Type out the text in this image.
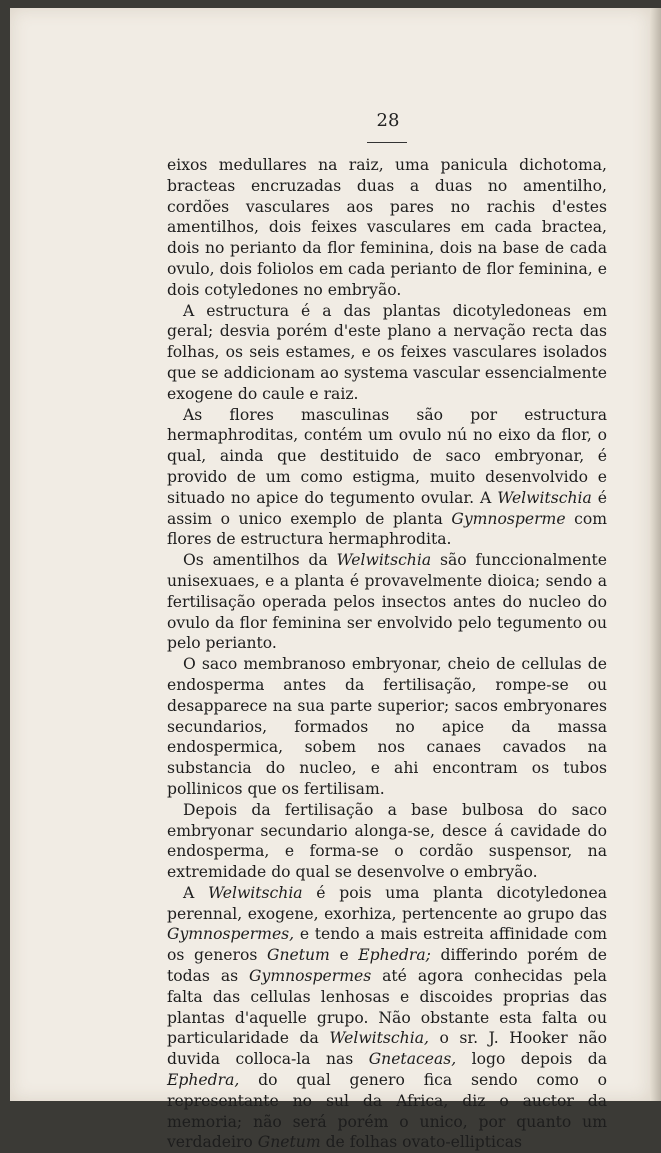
28

eixos medullares na raiz, uma panicula dichotoma, bracteas encruzadas duas a duas no amentilho, cordões vasculares aos pares no rachis d'estes amentilhos, dois feixes vasculares em cada bractea, dois no perianto da flor feminina, dois na base de cada ovulo, dois foliolos em cada perianto de flor feminina, e dois cotyledones no embryão.

A estructura é a das plantas dicotyledoneas em geral; desvia porém d'este plano a nervação recta das folhas, os seis estames, e os feixes vasculares isolados que se addicionam ao systema vascular essencialmente exogene do caule e raiz.

As flores masculinas são por estructura hermaphroditas, contém um ovulo nú no eixo da flor, o qual, ainda que destituido de saco embryonar, é provido de um como estigma, muito desenvolvido e situado no apice do tegumento ovular. A Welwitschia é assim o unico exemplo de planta Gymnosperme com flores de estructura hermaphrodita.

Os amentilhos da Welwitschia são funccionalmente unisexuaes, e a planta é provavelmente dioica; sendo a fertilisação operada pelos insectos antes do nucleo do ovulo da flor feminina ser envolvido pelo tegumento ou pelo perianto.

O saco membranoso embryonar, cheio de cellulas de endosperma antes da fertilisação, rompe-se ou desapparece na sua parte superior; sacos embryonares secundarios, formados no apice da massa endospermica, sobem nos canaes cavados na substancia do nucleo, e ahi encontram os tubos pollinicos que os fertilisam.

Depois da fertilisação a base bulbosa do saco embryonar secundario alonga-se, desce á cavidade do endosperma, e forma-se o cordão suspensor, na extremidade do qual se desenvolve o embryão.

A Welwitschia é pois uma planta dicotyledonea perennal, exogene, exorhiza, pertencente ao grupo das Gymnospermes, e tendo a mais estreita affinidade com os generos Gnetum e Ephedra; differindo porém de todas as Gymnospermes até agora conhecidas pela falta das cellulas lenhosas e discoides proprias das plantas d'aquelle grupo. Não obstante esta falta ou particularidade da Welwitschia, o sr. J. Hooker não duvida colloca-la nas Gnetaceas, logo depois da Ephedra, do qual genero fica sendo como o representante no sul da Africa, diz o auctor da memoria; não será porém o unico, por quanto um verdadeiro Gnetum de folhas ovato-ellipticas
